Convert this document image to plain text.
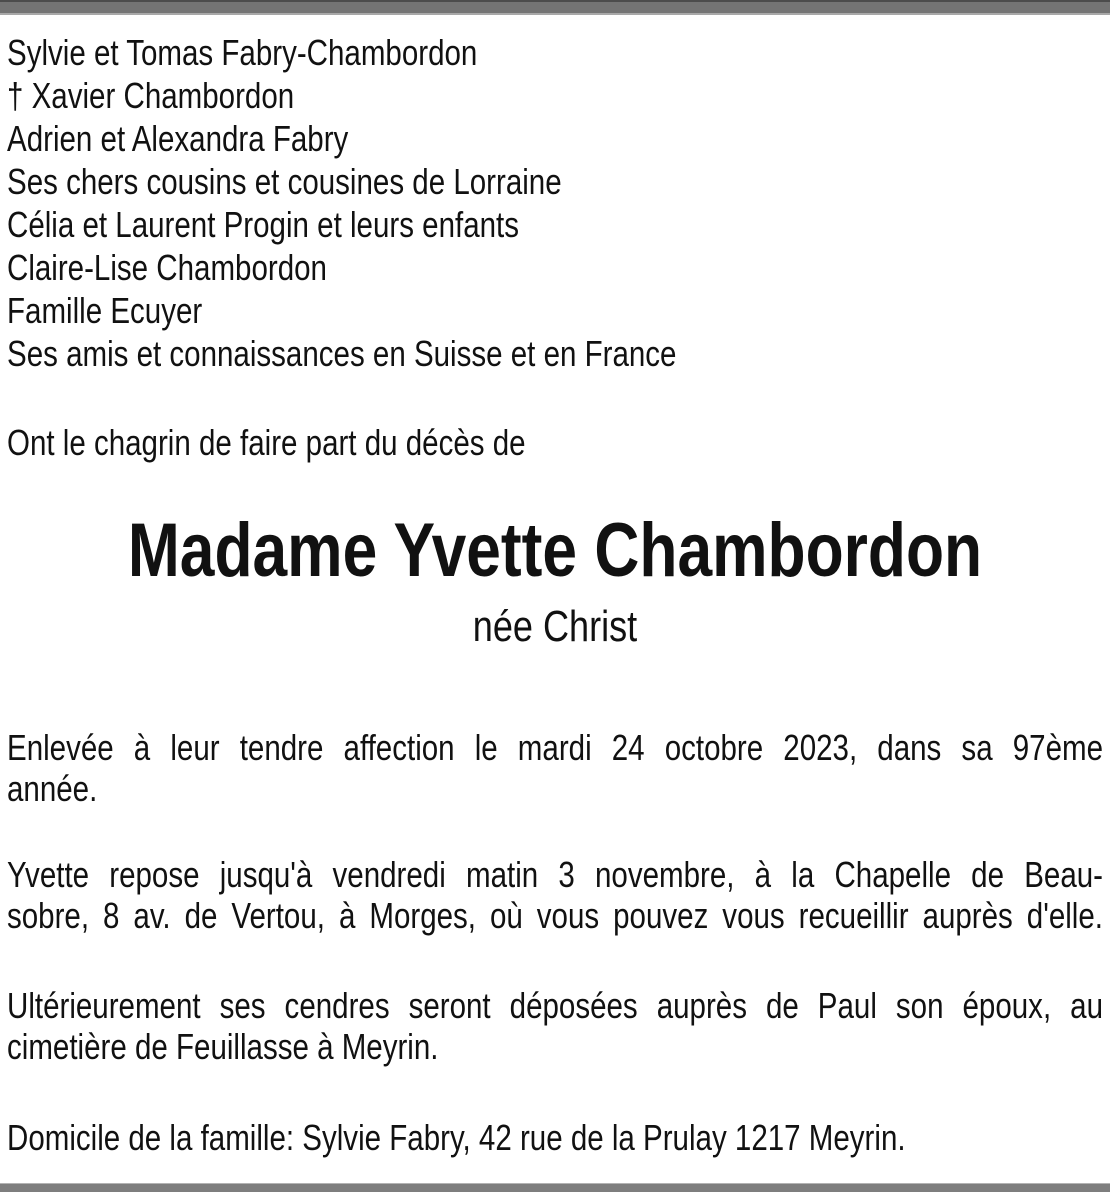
Sylvie et Tomas Fabry-Chambordon
† Xavier Chambordon
Adrien et Alexandra Fabry
Ses chers cousins et cousines de Lorraine
Célia et Laurent Progin et leurs enfants
Claire-Lise Chambordon
Famille Ecuyer
Ses amis et connaissances en Suisse et en France
Ont le chagrin de faire part du décès de
Madame Yvette Chambordon
née Christ
Enlevée à leur tendre affection le mardi 24 octobre 2023, dans sa 97ème
année.
Yvette repose jusqu'à vendredi matin 3 novembre, à la Chapelle de Beau-
sobre, 8 av. de Vertou, à Morges, où vous pouvez vous recueillir auprès d'elle.
Ultérieurement ses cendres seront déposées auprès de Paul son époux, au
cimetière de Feuillasse à Meyrin.
Domicile de la famille: Sylvie Fabry, 42 rue de la Prulay 1217 Meyrin.
